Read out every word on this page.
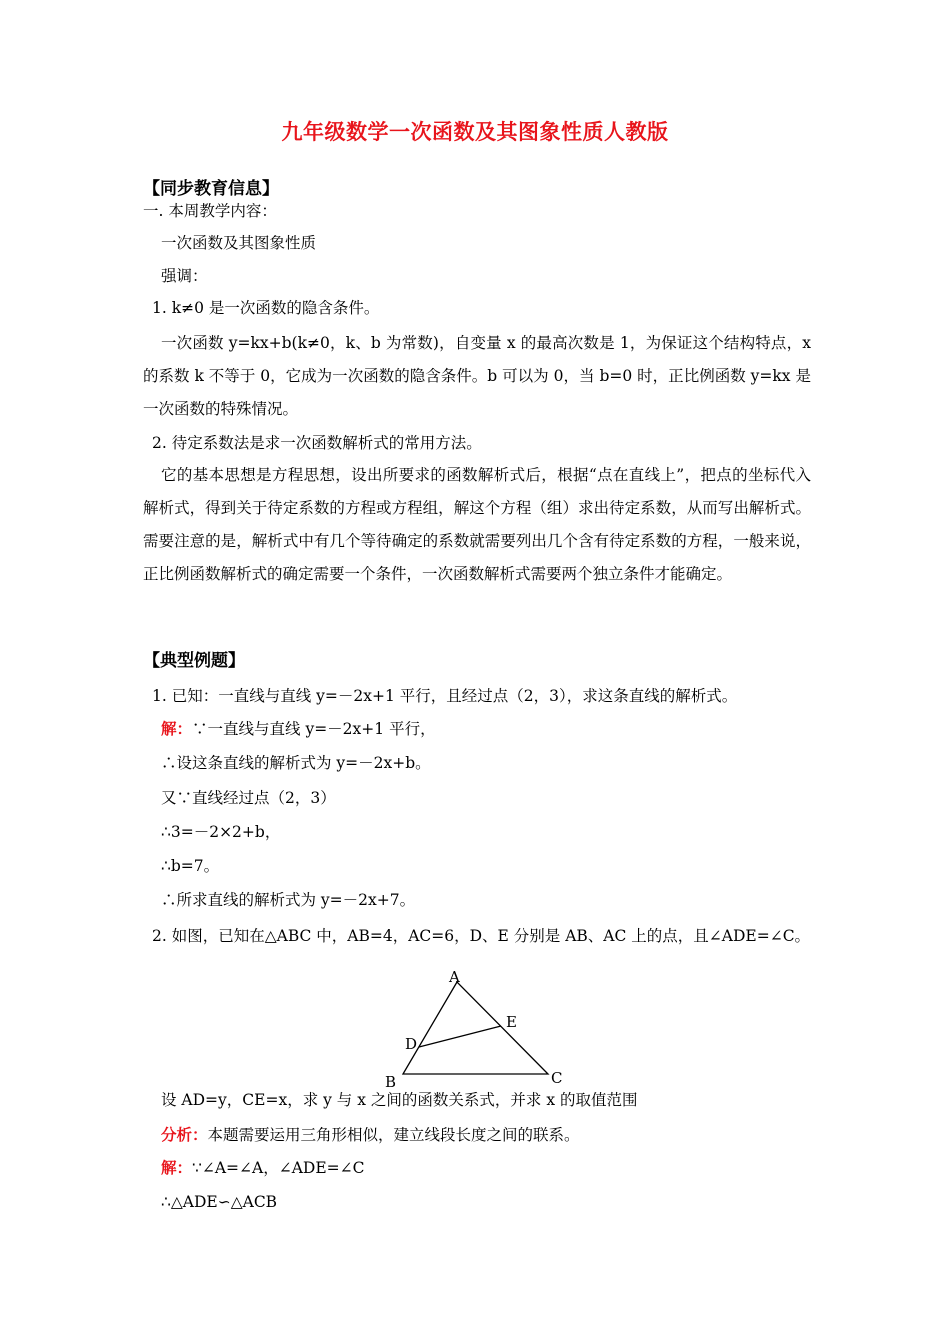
九年级数学一次函数及其图象性质人教版
【同步教育信息】
一. 本周教学内容：
一次函数及其图象性质
强调：
1. k≠0 是一次函数的隐含条件。
一次函数 y=kx+b(k≠0，k、b 为常数)，自变量 x 的最高次数是 1，为保证这个结构特点，x 的系数 k 不等于 0，它成为一次函数的隐含条件。b 可以为 0，当 b=0 时，正比例函数 y=kx 是一次函数的特殊情况。
2. 待定系数法是求一次函数解析式的常用方法。
它的基本思想是方程思想，设出所要求的函数解析式后，根据“点在直线上”，把点的坐标代入解析式，得到关于待定系数的方程或方程组，解这个方程（组）求出待定系数，从而写出解析式。需要注意的是，解析式中有几个等待确定的系数就需要列出几个含有待定系数的方程，一般来说，正比例函数解析式的确定需要一个条件，一次函数解析式需要两个独立条件才能确定。
【典型例题】
1. 已知：一直线与直线 y=－2x+1 平行，且经过点（2，3），求这条直线的解析式。
解：∵一直线与直线 y=－2x+1 平行，
∴设这条直线的解析式为 y=－2x+b。
又∵直线经过点（2，3）
∴3=－2×2+b，
∴b=7。
∴所求直线的解析式为 y=－2x+7。
2. 如图，已知在△ABC 中，AB=4，AC=6，D、E 分别是 AB、AC 上的点，且∠ADE=∠C。
A
E
D
B	C
设 AD=y，CE=x，求 y 与 x 之间的函数关系式，并求 x 的取值范围
分析：本题需要运用三角形相似，建立线段长度之间的联系。
解：∵∠A=∠A，∠ADE=∠C
∴△ADE∽△ACB
